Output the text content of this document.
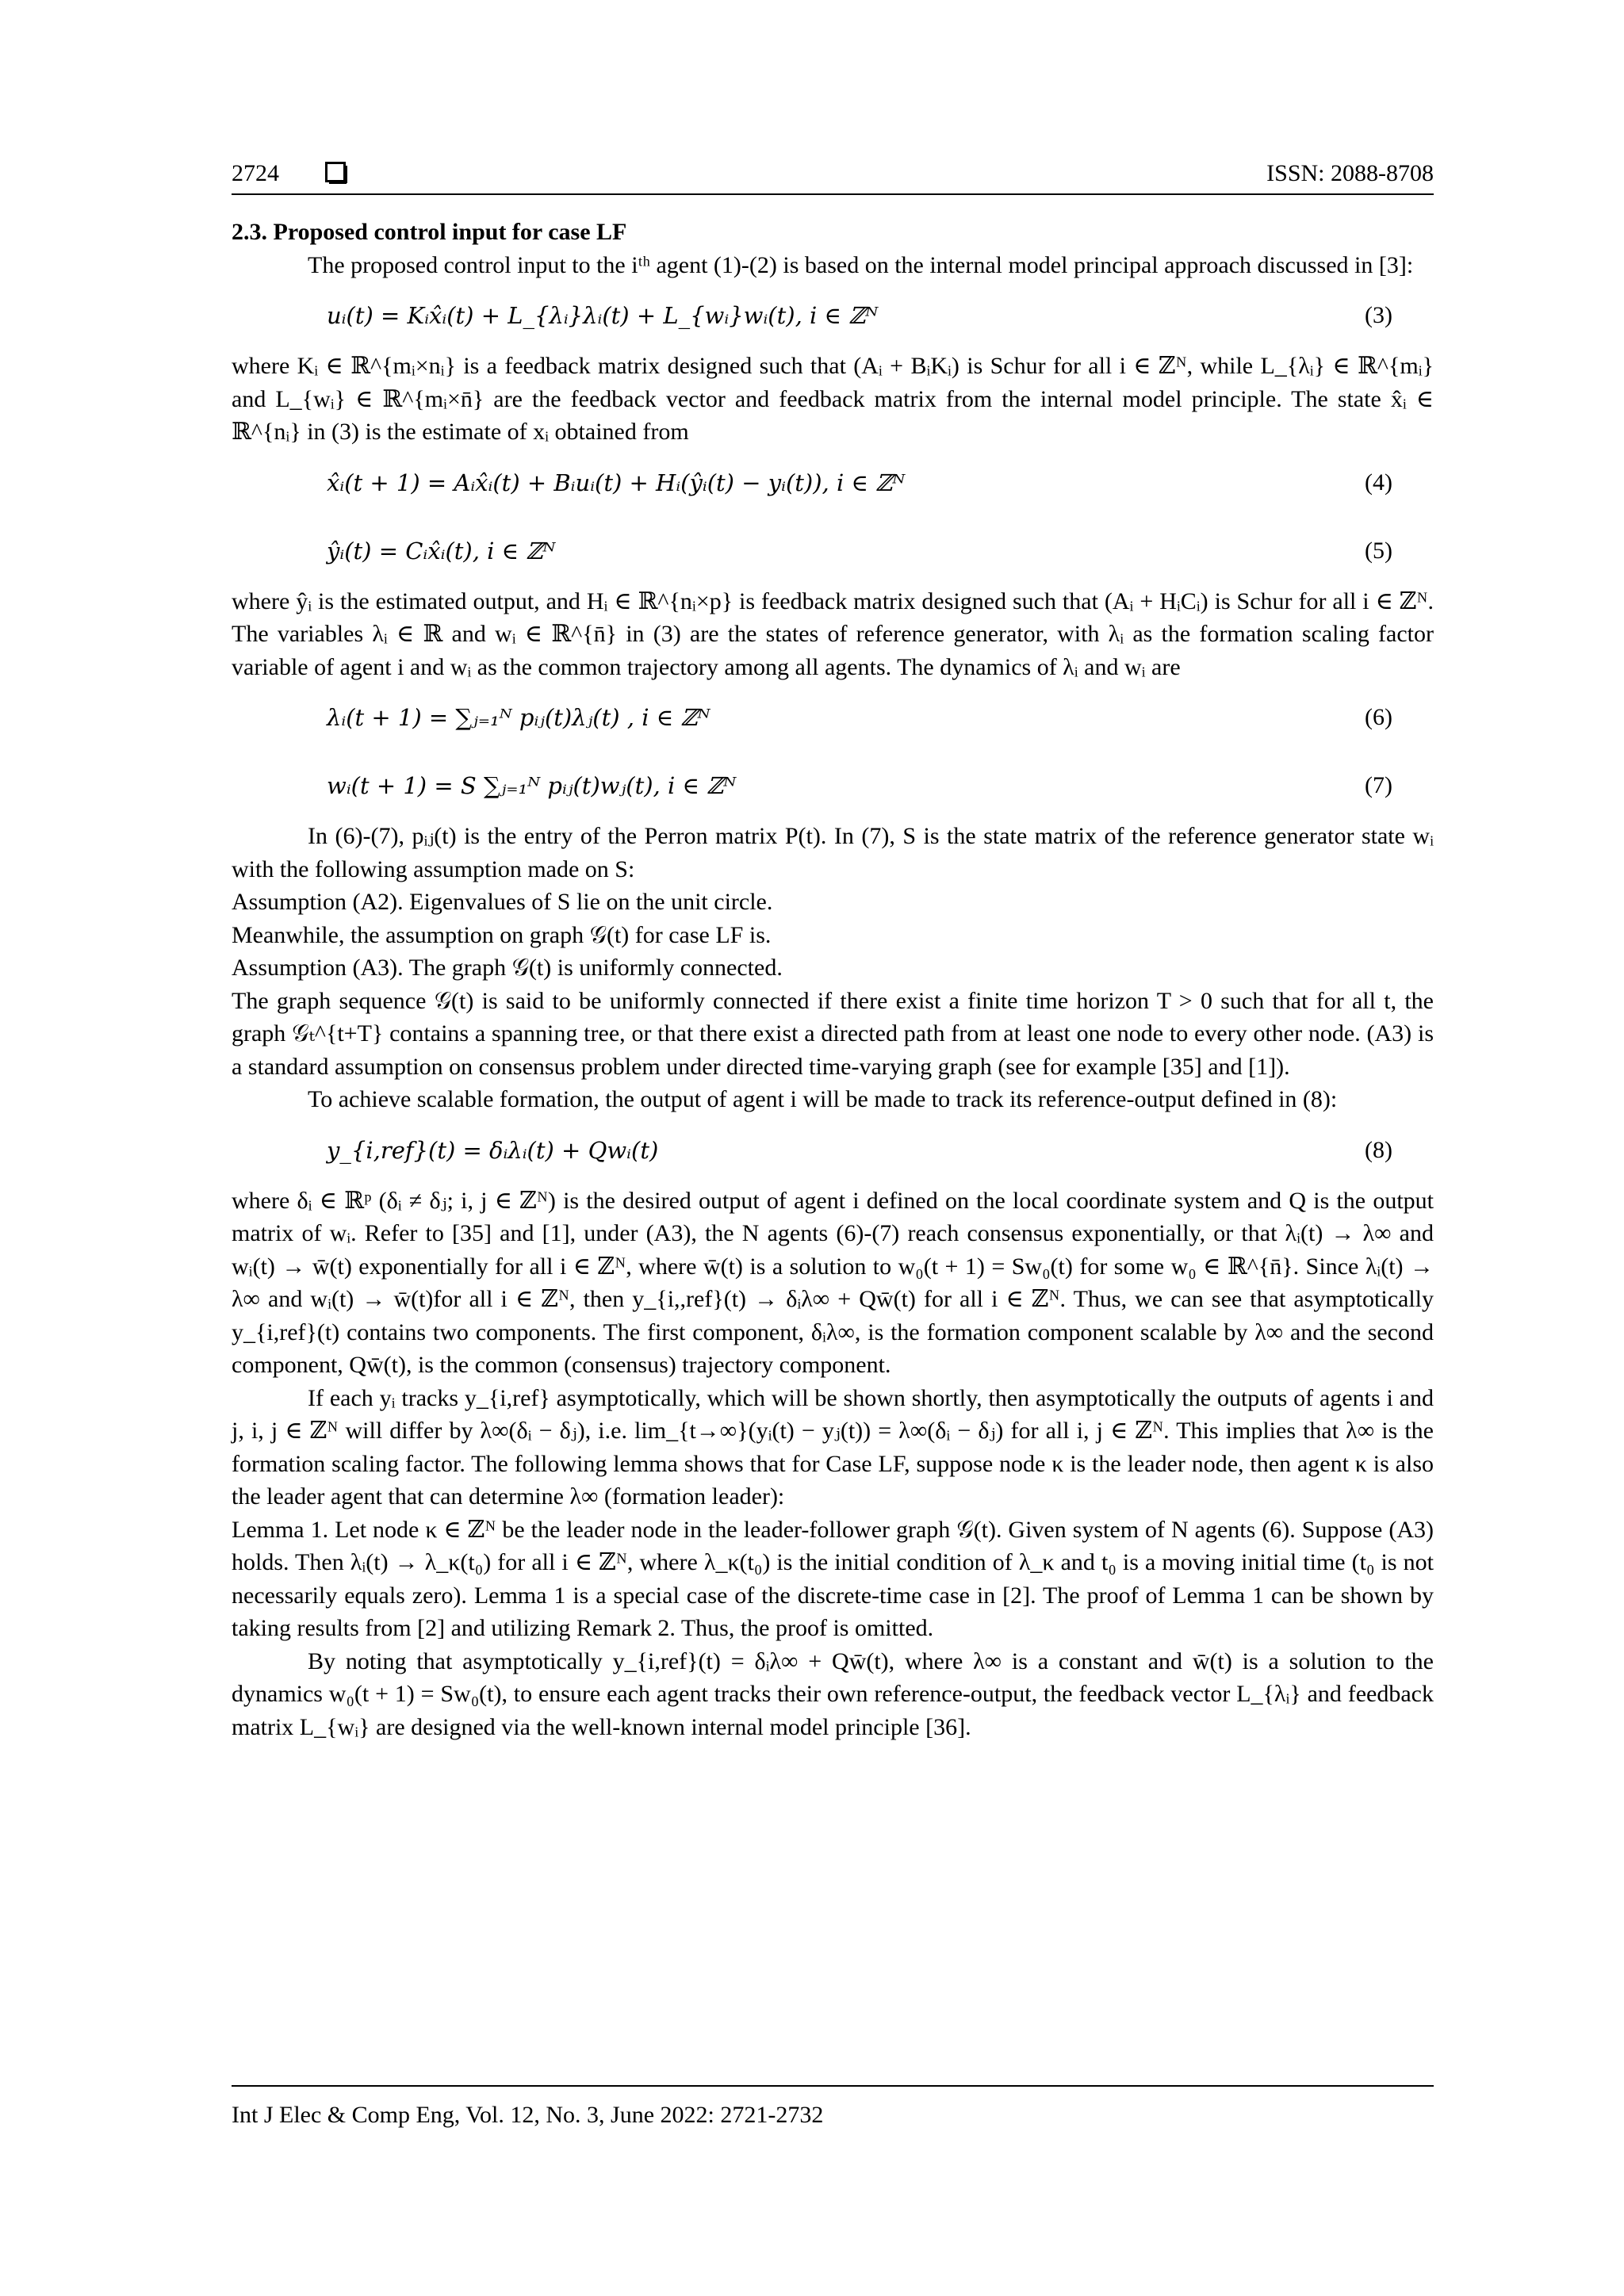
2724	ISSN: 2088-8708

2.3. Proposed control input for case LF

The proposed control input to the iᵗʰ agent (1)-(2) is based on the internal model principal approach discussed in [3]:

uᵢ(t) = Kᵢx̂ᵢ(t) + L_{λᵢ}λᵢ(t) + L_{wᵢ}wᵢ(t), i ∈ ℤᴺ	(3)

where Kᵢ ∈ ℝ^{mᵢ×nᵢ} is a feedback matrix designed such that (Aᵢ + BᵢKᵢ) is Schur for all i ∈ ℤᴺ, while L_{λᵢ} ∈ ℝ^{mᵢ} and L_{wᵢ} ∈ ℝ^{mᵢ×n̄} are the feedback vector and feedback matrix from the internal model principle. The state x̂ᵢ ∈ ℝ^{nᵢ} in (3) is the estimate of xᵢ obtained from

x̂ᵢ(t + 1) = Aᵢx̂ᵢ(t) + Bᵢuᵢ(t) + Hᵢ(ŷᵢ(t) − yᵢ(t)), i ∈ ℤᴺ	(4)
ŷᵢ(t) = Cᵢx̂ᵢ(t), i ∈ ℤᴺ	(5)

where ŷᵢ is the estimated output, and Hᵢ ∈ ℝ^{nᵢ×p} is feedback matrix designed such that (Aᵢ + HᵢCᵢ) is Schur for all i ∈ ℤᴺ. The variables λᵢ ∈ ℝ and wᵢ ∈ ℝ^{n̄} in (3) are the states of reference generator, with λᵢ as the formation scaling factor variable of agent i and wᵢ as the common trajectory among all agents. The dynamics of λᵢ and wᵢ are

λᵢ(t + 1) = ∑ⱼ₌₁ᴺ pᵢⱼ(t)λⱼ(t) , i ∈ ℤᴺ	(6)
wᵢ(t + 1) = S ∑ⱼ₌₁ᴺ pᵢⱼ(t)wⱼ(t), i ∈ ℤᴺ	(7)

In (6)-(7), pᵢⱼ(t) is the entry of the Perron matrix P(t). In (7), S is the state matrix of the reference generator state wᵢ with the following assumption made on S:

Assumption (A2). Eigenvalues of S lie on the unit circle.

Meanwhile, the assumption on graph 𝒢(t) for case LF is.

Assumption (A3). The graph 𝒢(t) is uniformly connected.

The graph sequence 𝒢(t) is said to be uniformly connected if there exist a finite time horizon T > 0 such that for all t, the graph 𝒢ₜ^{t+T} contains a spanning tree, or that there exist a directed path from at least one node to every other node. (A3) is a standard assumption on consensus problem under directed time-varying graph (see for example [35] and [1]).

To achieve scalable formation, the output of agent i will be made to track its reference-output defined in (8):

y_{i,ref}(t) = δᵢλᵢ(t) + Qwᵢ(t)	(8)

where δᵢ ∈ ℝᵖ (δᵢ ≠ δⱼ; i, j ∈ ℤᴺ) is the desired output of agent i defined on the local coordinate system and Q is the output matrix of wᵢ. Refer to [35] and [1], under (A3), the N agents (6)-(7) reach consensus exponentially, or that λᵢ(t) → λ∞ and wᵢ(t) → w̄(t) exponentially for all i ∈ ℤᴺ, where w̄(t) is a solution to w₀(t + 1) = Sw₀(t) for some w₀ ∈ ℝ^{n̄}. Since λᵢ(t) → λ∞ and wᵢ(t) → w̄(t)for all i ∈ ℤᴺ, then y_{i,,ref}(t) → δᵢλ∞ + Qw̄(t) for all i ∈ ℤᴺ. Thus, we can see that asymptotically y_{i,ref}(t) contains two components. The first component, δᵢλ∞, is the formation component scalable by λ∞ and the second component, Qw̄(t), is the common (consensus) trajectory component.

If each yᵢ tracks y_{i,ref} asymptotically, which will be shown shortly, then asymptotically the outputs of agents i and j, i, j ∈ ℤᴺ will differ by λ∞(δᵢ − δⱼ), i.e. lim_{t→∞}(yᵢ(t) − yⱼ(t)) = λ∞(δᵢ − δⱼ) for all i, j ∈ ℤᴺ. This implies that λ∞ is the formation scaling factor. The following lemma shows that for Case LF, suppose node κ is the leader node, then agent κ is also the leader agent that can determine λ∞ (formation leader):

Lemma 1. Let node κ ∈ ℤᴺ be the leader node in the leader-follower graph 𝒢(t). Given system of N agents (6). Suppose (A3) holds. Then λᵢ(t) → λ_κ(t₀) for all i ∈ ℤᴺ, where λ_κ(t₀) is the initial condition of λ_κ and t₀ is a moving initial time (t₀ is not necessarily equals zero). Lemma 1 is a special case of the discrete-time case in [2]. The proof of Lemma 1 can be shown by taking results from [2] and utilizing Remark 2. Thus, the proof is omitted.

By noting that asymptotically y_{i,ref}(t) = δᵢλ∞ + Qw̄(t), where λ∞ is a constant and w̄(t) is a solution to the dynamics w₀(t + 1) = Sw₀(t), to ensure each agent tracks their own reference-output, the feedback vector L_{λᵢ} and feedback matrix L_{wᵢ} are designed via the well-known internal model principle [36].

Int J Elec & Comp Eng, Vol. 12, No. 3, June 2022: 2721-2732
